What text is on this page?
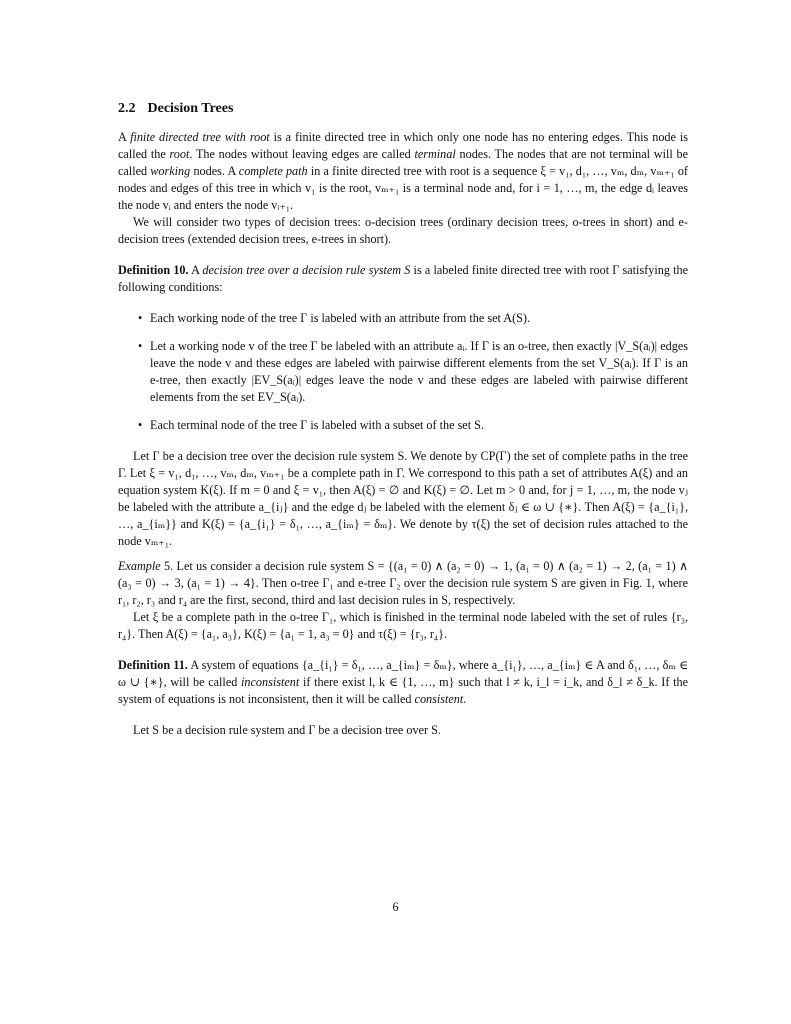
2.2 Decision Trees

A finite directed tree with root is a finite directed tree in which only one node has no entering edges. This node is called the root. The nodes without leaving edges are called terminal nodes. The nodes that are not terminal will be called working nodes. A complete path in a finite directed tree with root is a sequence ξ = v₁, d₁, …, vₘ, dₘ, vₘ₊₁ of nodes and edges of this tree in which v₁ is the root, vₘ₊₁ is a terminal node and, for i = 1, …, m, the edge dᵢ leaves the node vᵢ and enters the node vᵢ₊₁.

We will consider two types of decision trees: o-decision trees (ordinary decision trees, o-trees in short) and e-decision trees (extended decision trees, e-trees in short).

Definition 10. A decision tree over a decision rule system S is a labeled finite directed tree with root Γ satisfying the following conditions:

• Each working node of the tree Γ is labeled with an attribute from the set A(S).
• Let a working node v of the tree Γ be labeled with an attribute aᵢ. If Γ is an o-tree, then exactly |V_S(aᵢ)| edges leave the node v and these edges are labeled with pairwise different elements from the set V_S(aᵢ). If Γ is an e-tree, then exactly |EV_S(aᵢ)| edges leave the node v and these edges are labeled with pairwise different elements from the set EV_S(aᵢ).
• Each terminal node of the tree Γ is labeled with a subset of the set S.

Let Γ be a decision tree over the decision rule system S. We denote by CP(Γ) the set of complete paths in the tree Γ. Let ξ = v₁, d₁, …, vₘ, dₘ, vₘ₊₁ be a complete path in Γ. We correspond to this path a set of attributes A(ξ) and an equation system K(ξ). If m = 0 and ξ = v₁, then A(ξ) = ∅ and K(ξ) = ∅. Let m > 0 and, for j = 1, …, m, the node vⱼ be labeled with the attribute a_{iⱼ} and the edge dⱼ be labeled with the element δⱼ ∈ ω ∪ {∗}. Then A(ξ) = {a_{i₁}, …, a_{iₘ}} and K(ξ) = {a_{i₁} = δ₁, …, a_{iₘ} = δₘ}. We denote by τ(ξ) the set of decision rules attached to the node vₘ₊₁.

Example 5. Let us consider a decision rule system S = {(a₁ = 0) ∧ (a₂ = 0) → 1, (a₁ = 0) ∧ (a₂ = 1) → 2, (a₁ = 1) ∧ (a₃ = 0) → 3, (a₁ = 1) → 4}. Then o-tree Γ₁ and e-tree Γ₂ over the decision rule system S are given in Fig. 1, where r₁, r₂, r₃ and r₄ are the first, second, third and last decision rules in S, respectively.

Let ξ be a complete path in the o-tree Γ₁, which is finished in the terminal node labeled with the set of rules {r₃, r₄}. Then A(ξ) = {a₁, a₃}, K(ξ) = {a₁ = 1, a₃ = 0} and τ(ξ) = {r₃, r₄}.

Definition 11. A system of equations {a_{i₁} = δ₁, …, a_{iₘ} = δₘ}, where a_{i₁}, …, a_{iₘ} ∈ A and δ₁, …, δₘ ∈ ω ∪ {∗}, will be called inconsistent if there exist l, k ∈ {1, …, m} such that l ≠ k, i_l = i_k, and δ_l ≠ δ_k. If the system of equations is not inconsistent, then it will be called consistent.

Let S be a decision rule system and Γ be a decision tree over S.

6
